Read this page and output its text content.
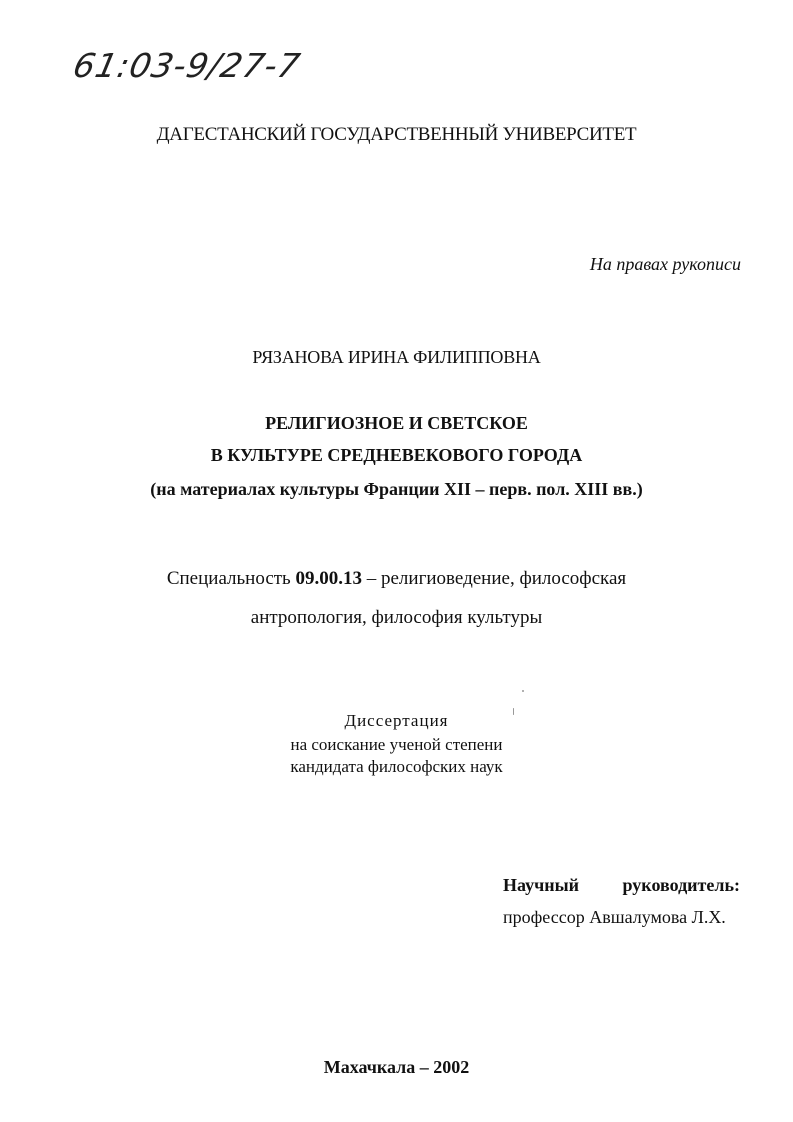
61:03-9/27-7
ДАГЕСТАНСКИЙ ГОСУДАРСТВЕННЫЙ УНИВЕРСИТЕТ
На правах рукописи
РЯЗАНОВА ИРИНА ФИЛИППОВНА
РЕЛИГИОЗНОЕ И СВЕТСКОЕ
В КУЛЬТУРЕ СРЕДНЕВЕКОВОГО ГОРОДА
(на материалах культуры Франции XII – перв. пол. XIII вв.)
Специальность 09.00.13 – религиоведение, философская
антропология, философия культуры
Диссертация
на соискание ученой степени
кандидата философских наук
Научный руководитель:
профессор Авшалумова Л.Х.
Махачкала – 2002
